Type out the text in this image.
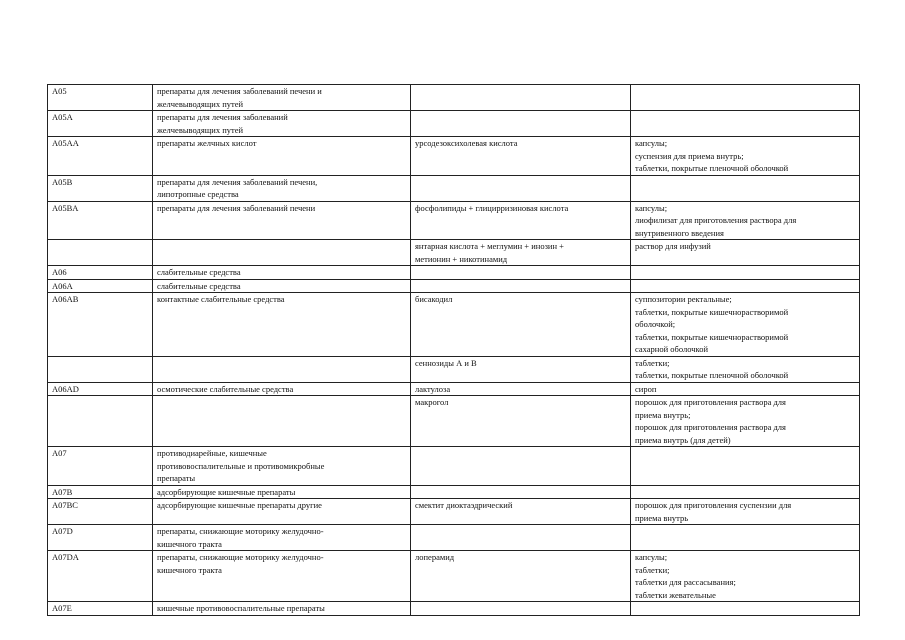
A05	препараты для лечения заболеваний печени и
желчевыводящих путей		
A05A	препараты для лечения заболеваний
желчевыводящих путей		
A05AA	препараты желчных кислот	урсодезоксихолевая кислота	капсулы;
суспензия для приема внутрь;
таблетки, покрытые пленочной оболочкой
A05B	препараты для лечения заболеваний печени,
липотропные средства		
A05BA	препараты для лечения заболеваний печени	фосфолипиды + глицирризиновая кислота	капсулы;
лиофилизат для приготовления раствора для
внутривенного введения
		янтарная кислота + меглумин + инозин +
метионин + никотинамид	раствор для инфузий
A06	слабительные средства		
A06A	слабительные средства		
A06AB	контактные слабительные средства	бисакодил	суппозитории ректальные;
таблетки, покрытые кишечнорастворимой
оболочкой;
таблетки, покрытые кишечнорастворимой
сахарной оболочкой
		сеннозиды А и В	таблетки;
таблетки, покрытые пленочной оболочкой
A06AD	осмотические слабительные средства	лактулоза	сироп
		макрогол	порошок для приготовления раствора для
приема внутрь;
порошок для приготовления раствора для
приема внутрь (для детей)
A07	противодиарейные, кишечные
противовоспалительные и противомикробные
препараты		
A07B	адсорбирующие кишечные препараты		
A07BC	адсорбирующие кишечные препараты другие	смектит диоктаэдрический	порошок для приготовления суспензии для
приема внутрь
A07D	препараты, снижающие моторику желудочно-
кишечного тракта		
A07DA	препараты, снижающие моторику желудочно-
кишечного тракта	лоперамид	капсулы;
таблетки;
таблетки для рассасывания;
таблетки жевательные
A07E	кишечные противовоспалительные препараты		
